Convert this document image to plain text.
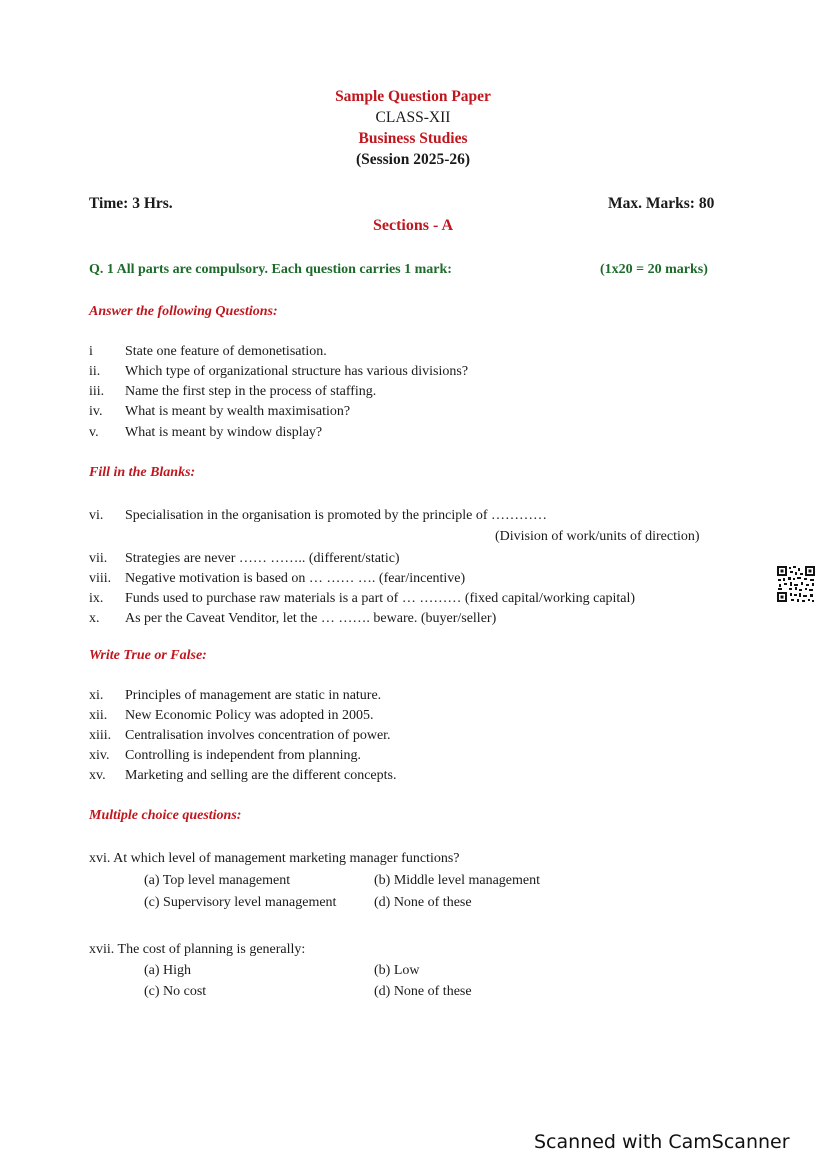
Sample Question Paper
CLASS-XII
Business Studies
(Session 2025-26)
Time: 3 Hrs.	Max. Marks: 80
Sections - A
Q. 1 All parts are compulsory. Each question carries 1 mark:	(1x20 = 20 marks)
Answer the following Questions:
i State one feature of demonetisation.
ii. Which type of organizational structure has various divisions?
iii. Name the first step in the process of staffing.
iv. What is meant by wealth maximisation?
v. What is meant by window display?
Fill in the Blanks:
vi. Specialisation in the organisation is promoted by the principle of …………
(Division of work/units of direction)
vii. Strategies are never …… …….. (different/static)
viii. Negative motivation is based on … …… …. (fear/incentive)
ix. Funds used to purchase raw materials is a part of … ……… (fixed capital/working capital)
x. As per the Caveat Venditor, let the … ……. beware. (buyer/seller)
Write True or False:
xi. Principles of management are static in nature.
xii. New Economic Policy was adopted in 2005.
xiii. Centralisation involves concentration of power.
xiv. Controlling is independent from planning.
xv. Marketing and selling are the different concepts.
Multiple choice questions:
xvi. At which level of management marketing manager functions?
(a) Top level management	(b) Middle level management
(c) Supervisory level management	(d) None of these
xvii. The cost of planning is generally:
(a) High	(b) Low
(c) No cost	(d) None of these
Scanned with CamScanner
